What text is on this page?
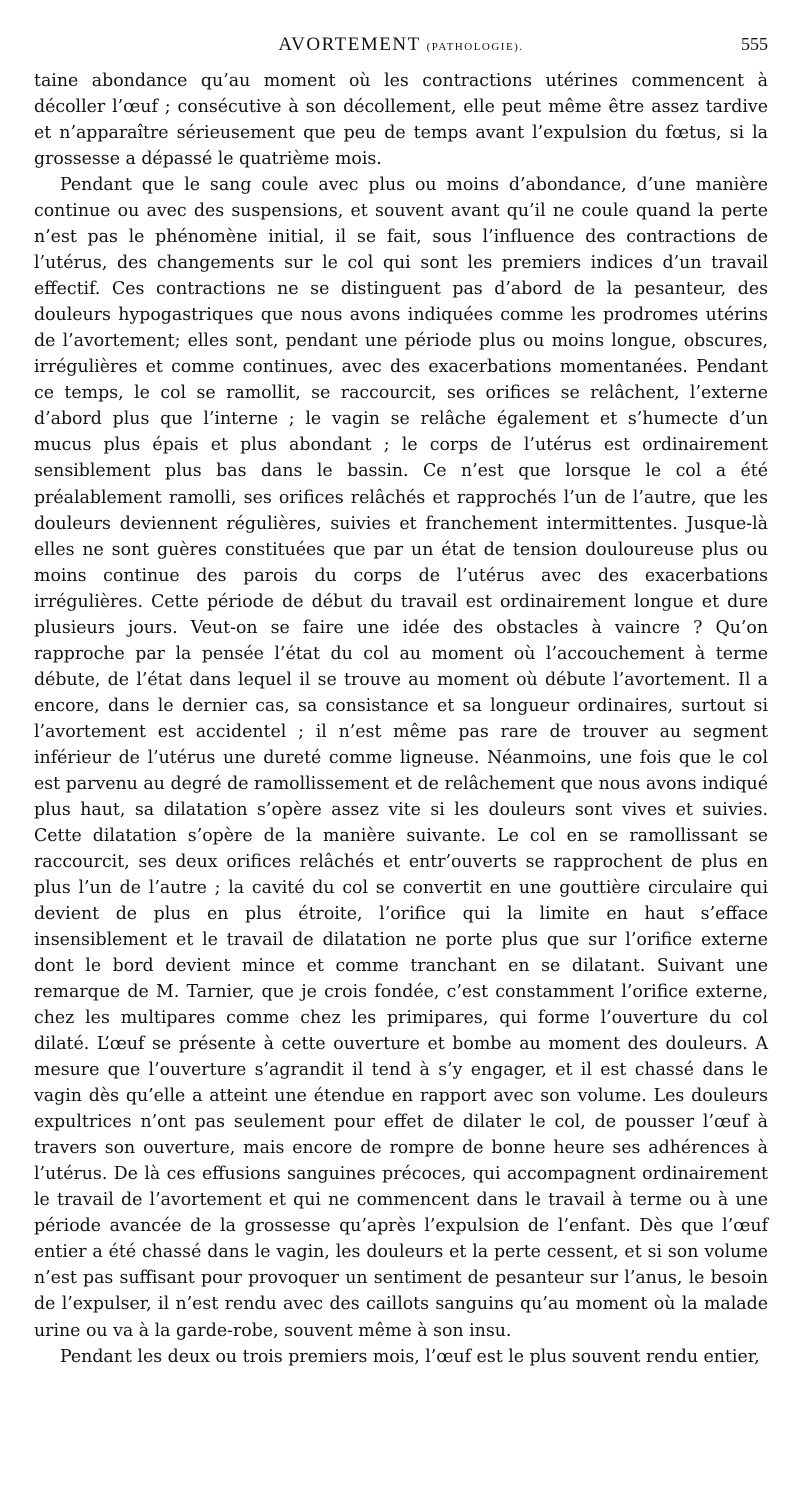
AVORTEMENT (PATHOLOGIE).	555

taine abondance qu’au moment où les contractions utérines commencent à décoller l’œuf ; consécutive à son décollement, elle peut même être assez tardive et n’apparaître sérieusement que peu de temps avant l’expulsion du fœtus, si la grossesse a dépassé le quatrième mois.

Pendant que le sang coule avec plus ou moins d’abondance, d’une manière continue ou avec des suspensions, et souvent avant qu’il ne coule quand la perte n’est pas le phénomène initial, il se fait, sous l’influence des contractions de l’utérus, des changements sur le col qui sont les premiers indices d’un travail effectif. Ces contractions ne se distinguent pas d’abord de la pesanteur, des douleurs hypogastriques que nous avons indiquées comme les prodromes utérins de l’avortement; elles sont, pendant une période plus ou moins longue, obscures, irrégulières et comme continues, avec des exacerbations momentanées. Pendant ce temps, le col se ramollit, se raccourcit, ses orifices se relâchent, l’externe d’abord plus que l’interne ; le vagin se relâche également et s’humecte d’un mucus plus épais et plus abondant ; le corps de l’utérus est ordinairement sensiblement plus bas dans le bassin. Ce n’est que lorsque le col a été préalablement ramolli, ses orifices relâchés et rapprochés l’un de l’autre, que les douleurs deviennent régulières, suivies et franchement intermittentes. Jusque-là elles ne sont guères constituées que par un état de tension douloureuse plus ou moins continue des parois du corps de l’utérus avec des exacerbations irrégulières. Cette période de début du travail est ordinairement longue et dure plusieurs jours. Veut-on se faire une idée des obstacles à vaincre ? Qu’on rapproche par la pensée l’état du col au moment où l’accouchement à terme débute, de l’état dans lequel il se trouve au moment où débute l’avortement. Il a encore, dans le dernier cas, sa consistance et sa longueur ordinaires, surtout si l’avortement est accidentel ; il n’est même pas rare de trouver au segment inférieur de l’utérus une dureté comme ligneuse. Néanmoins, une fois que le col est parvenu au degré de ramollissement et de relâchement que nous avons indiqué plus haut, sa dilatation s’opère assez vite si les douleurs sont vives et suivies. Cette dilatation s’opère de la manière suivante. Le col en se ramollissant se raccourcit, ses deux orifices relâchés et entr’ouverts se rapprochent de plus en plus l’un de l’autre ; la cavité du col se convertit en une gouttière circulaire qui devient de plus en plus étroite, l’orifice qui la limite en haut s’efface insensiblement et le travail de dilatation ne porte plus que sur l’orifice externe dont le bord devient mince et comme tranchant en se dilatant. Suivant une remarque de M. Tarnier, que je crois fondée, c’est constamment l’orifice externe, chez les multipares comme chez les primipares, qui forme l’ouverture du col dilaté. L’œuf se présente à cette ouverture et bombe au moment des douleurs. A mesure que l’ouverture s’agrandit il tend à s’y engager, et il est chassé dans le vagin dès qu’elle a atteint une étendue en rapport avec son volume. Les douleurs expultrices n’ont pas seulement pour effet de dilater le col, de pousser l’œuf à travers son ouverture, mais encore de rompre de bonne heure ses adhérences à l’utérus. De là ces effusions sanguines précoces, qui accompagnent ordinairement le travail de l’avortement et qui ne commencent dans le travail à terme ou à une période avancée de la grossesse qu’après l’expulsion de l’enfant. Dès que l’œuf entier a été chassé dans le vagin, les douleurs et la perte cessent, et si son volume n’est pas suffisant pour provoquer un sentiment de pesanteur sur l’anus, le besoin de l’expulser, il n’est rendu avec des caillots sanguins qu’au moment où la malade urine ou va à la garde-robe, souvent même à son insu.

Pendant les deux ou trois premiers mois, l’œuf est le plus souvent rendu entier,
